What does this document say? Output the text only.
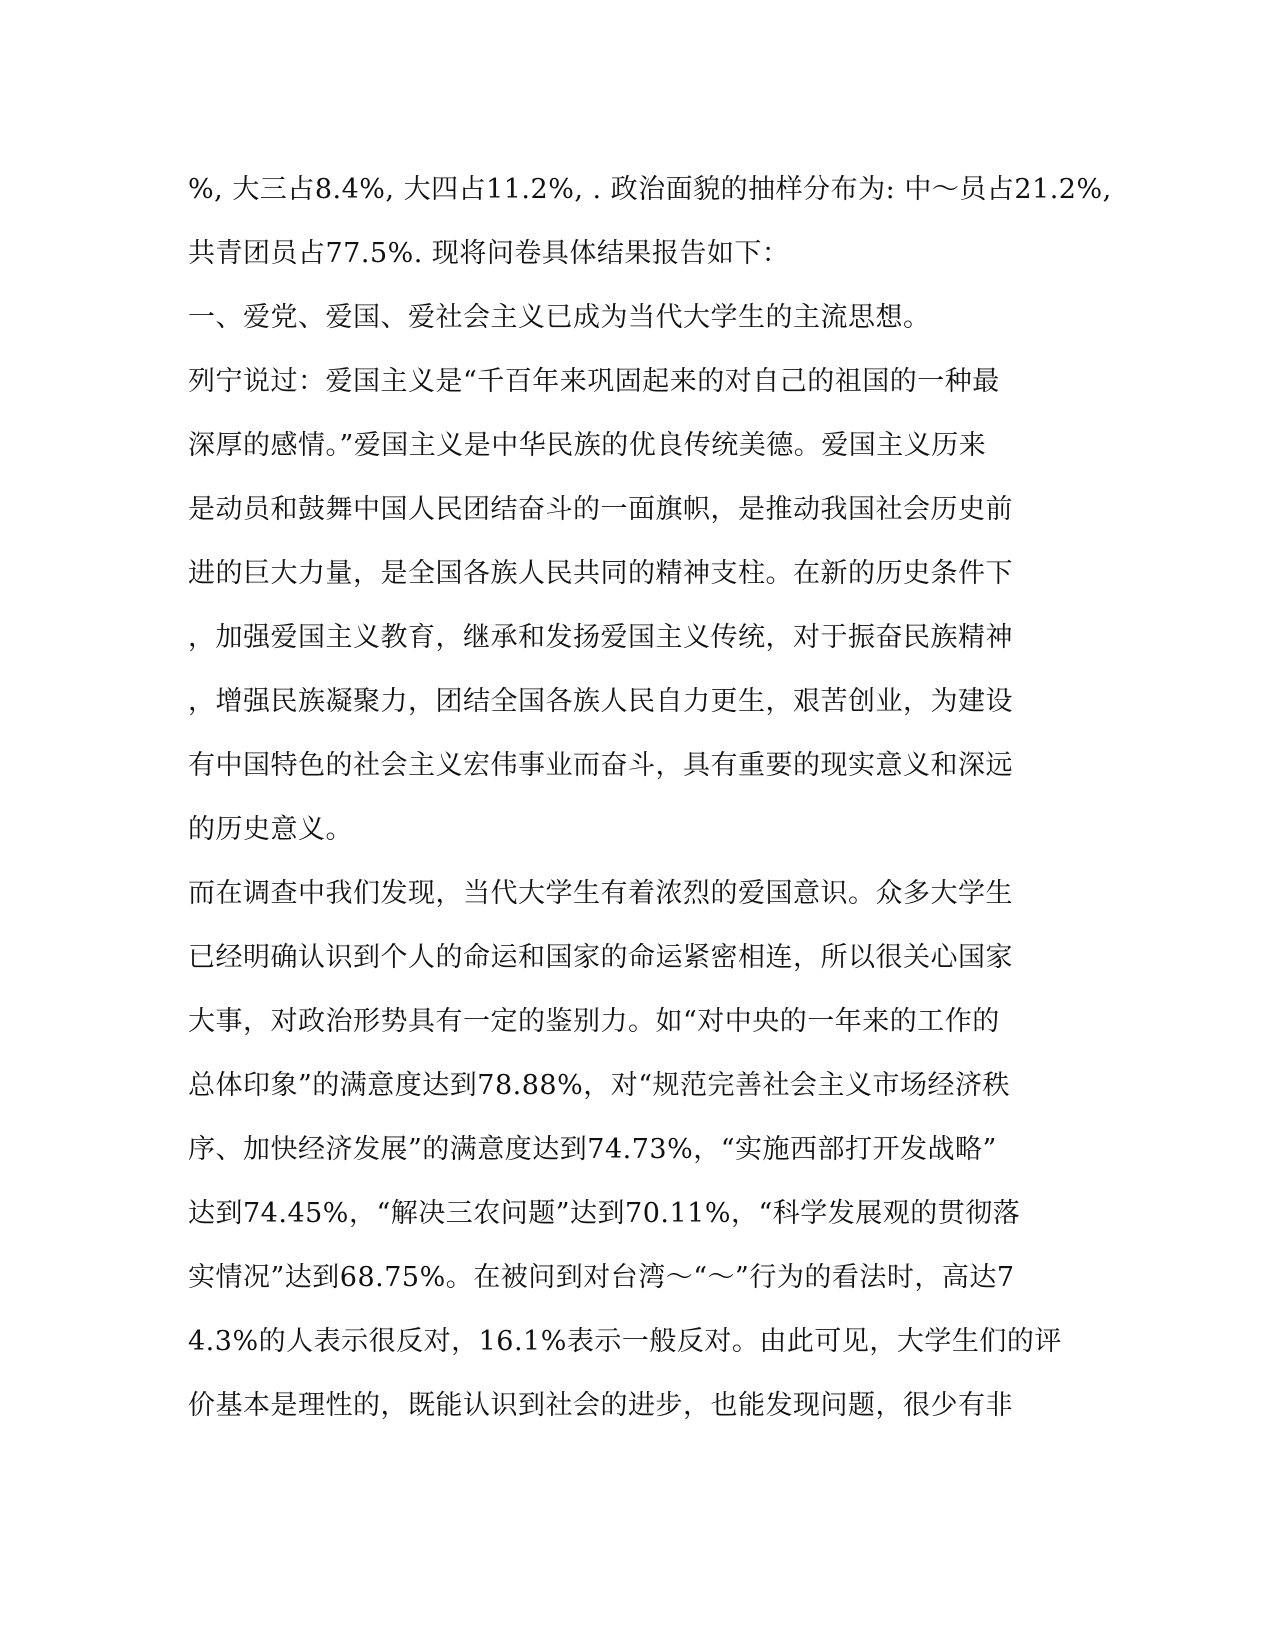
%, 大三占8.4%, 大四占11.2%, . 政治面貌的抽样分布为: 中～员占21.2%,
共青团员占77.5%. 现将问卷具体结果报告如下：
一、爱党、爱国、爱社会主义已成为当代大学生的主流思想。
列宁说过：爱国主义是“千百年来巩固起来的对自己的祖国的一种最
深厚的感情。”爱国主义是中华民族的优良传统美德。爱国主义历来
是动员和鼓舞中国人民团结奋斗的一面旗帜，是推动我国社会历史前
进的巨大力量，是全国各族人民共同的精神支柱。在新的历史条件下
，加强爱国主义教育，继承和发扬爱国主义传统，对于振奋民族精神
，增强民族凝聚力，团结全国各族人民自力更生，艰苦创业，为建设
有中国特色的社会主义宏伟事业而奋斗，具有重要的现实意义和深远
的历史意义。
而在调查中我们发现，当代大学生有着浓烈的爱国意识。众多大学生
已经明确认识到个人的命运和国家的命运紧密相连，所以很关心国家
大事，对政治形势具有一定的鉴别力。如“对中央的一年来的工作的
总体印象”的满意度达到78.88%，对“规范完善社会主义市场经济秩
序、加快经济发展”的满意度达到74.73%，“实施西部打开发战略”
达到74.45%，“解决三农问题”达到70.11%，“科学发展观的贯彻落
实情况”达到68.75%。在被问到对台湾～“～”行为的看法时，高达7
4.3%的人表示很反对，16.1%表示一般反对。由此可见，大学生们的评
价基本是理性的，既能认识到社会的进步，也能发现问题，很少有非
